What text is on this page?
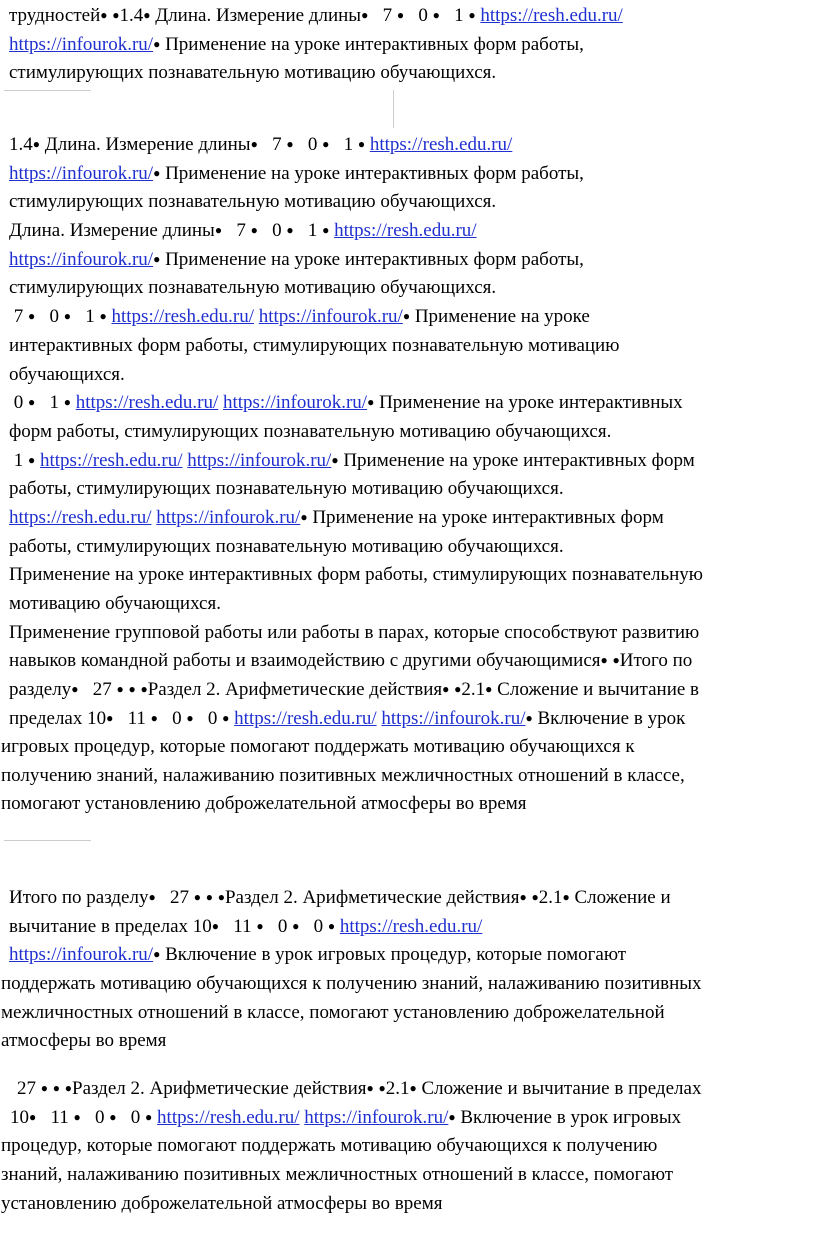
трудностей● ●1.4● Длина. Измерение длины● 7 ● 0 ● 1 ● https://resh.edu.ru/
https://infourok.ru/● Применение на уроке интерактивных форм работы,
стимулирующих познавательную мотивацию обучающихся.
1.4● Длина. Измерение длины● 7 ● 0 ● 1 ● https://resh.edu.ru/
https://infourok.ru/● Применение на уроке интерактивных форм работы,
стимулирующих познавательную мотивацию обучающихся.
Длина. Измерение длины● 7 ● 0 ● 1 ● https://resh.edu.ru/
https://infourok.ru/● Применение на уроке интерактивных форм работы,
стимулирующих познавательную мотивацию обучающихся.
7 ● 0 ● 1 ● https://resh.edu.ru/ https://infourok.ru/● Применение на уроке
интерактивных форм работы, стимулирующих познавательную мотивацию
обучающихся.
0 ● 1 ● https://resh.edu.ru/ https://infourok.ru/● Применение на уроке интерактивных
форм работы, стимулирующих познавательную мотивацию обучающихся.
1 ● https://resh.edu.ru/ https://infourok.ru/● Применение на уроке интерактивных форм
работы, стимулирующих познавательную мотивацию обучающихся.
https://resh.edu.ru/ https://infourok.ru/● Применение на уроке интерактивных форм
работы, стимулирующих познавательную мотивацию обучающихся.
Применение на уроке интерактивных форм работы, стимулирующих познавательную
мотивацию обучающихся.
Применение групповой работы или работы в парах, которые способствуют развитию
навыков командной работы и взаимодействию с другими обучающимися● ●Итого по
разделу● 27 ● ● ●Раздел 2. Арифметические действия● ●2.1● Сложение и вычитание в
пределах 10● 11 ● 0 ● 0 ● https://resh.edu.ru/ https://infourok.ru/● Включение в урок
игровых процедур, которые помогают поддержать мотивацию обучающихся к
получению знаний, налаживанию позитивных межличностных отношений в классе,
помогают установлению доброжелательной атмосферы во время
Итого по разделу● 27 ● ● ●Раздел 2. Арифметические действия● ●2.1● Сложение и
вычитание в пределах 10● 11 ● 0 ● 0 ● https://resh.edu.ru/
https://infourok.ru/● Включение в урок игровых процедур, которые помогают
поддержать мотивацию обучающихся к получению знаний, налаживанию позитивных
межличностных отношений в классе, помогают установлению доброжелательной
атмосферы во время
27 ● ● ●Раздел 2. Арифметические действия● ●2.1● Сложение и вычитание в пределах
10● 11 ● 0 ● 0 ● https://resh.edu.ru/ https://infourok.ru/● Включение в урок игровых
процедур, которые помогают поддержать мотивацию обучающихся к получению
знаний, налаживанию позитивных межличностных отношений в классе, помогают
установлению доброжелательной атмосферы во время
